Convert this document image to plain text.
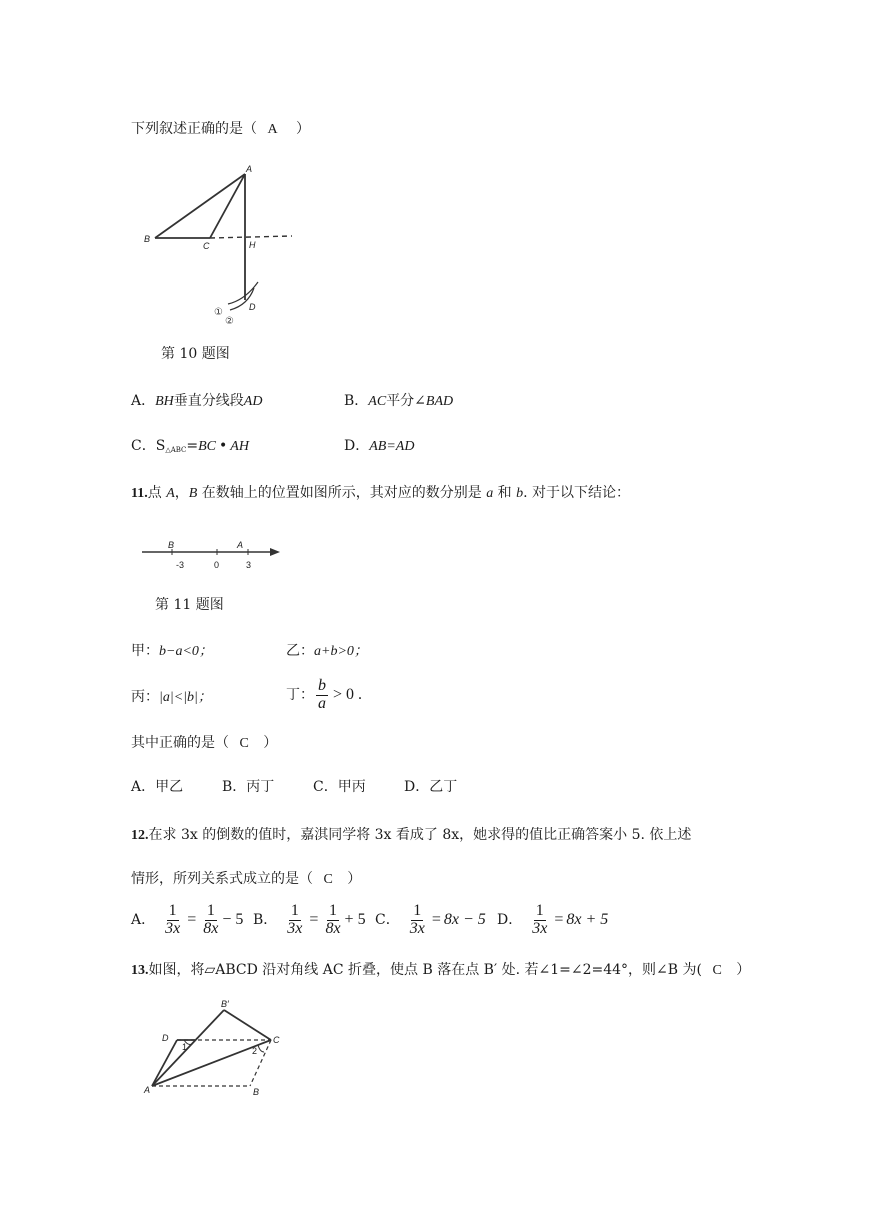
下列叙述正确的是（ A ）
A
B
C	H
D
①
②
第 10 题图
A．BH垂直分线段AD	B．AC平分∠BAD
C．$S_{\triangle ABC}=BC$ • AH	D．AB=AD
11.点 A，B 在数轴上的位置如图所示，其对应的数分别是 a 和 b. 对于以下结论：
B	A
-3	0	3
第 11 题图
甲：b−a<0；	乙：a+b>0；
丙：|a|<|b|；	丁： $\frac{b}{a} > 0$ .
其中正确的是（ C ）
A．甲乙	B．丙丁	C．甲丙	D．乙丁
12.在求 3x 的倒数的值时，嘉淇同学将 3x 看成了 8x，她求得的值比正确答案小 5. 依上述
情形，所列关系式成立的是（ C ）
A． $\frac{1}{3x} = \frac{1}{8x} - 5$ B． $\frac{1}{3x} = \frac{1}{8x} + 5$ C． $\frac{1}{3x} = 8x - 5$ D． $\frac{1}{3x} = 8x + 5$
13.如图，将▱ABCD 沿对角线 AC 折叠，使点 B 落在点 B′ 处. 若∠1=∠2=44°，则∠B 为( C ）
D
B′
C
A	B
1	2
